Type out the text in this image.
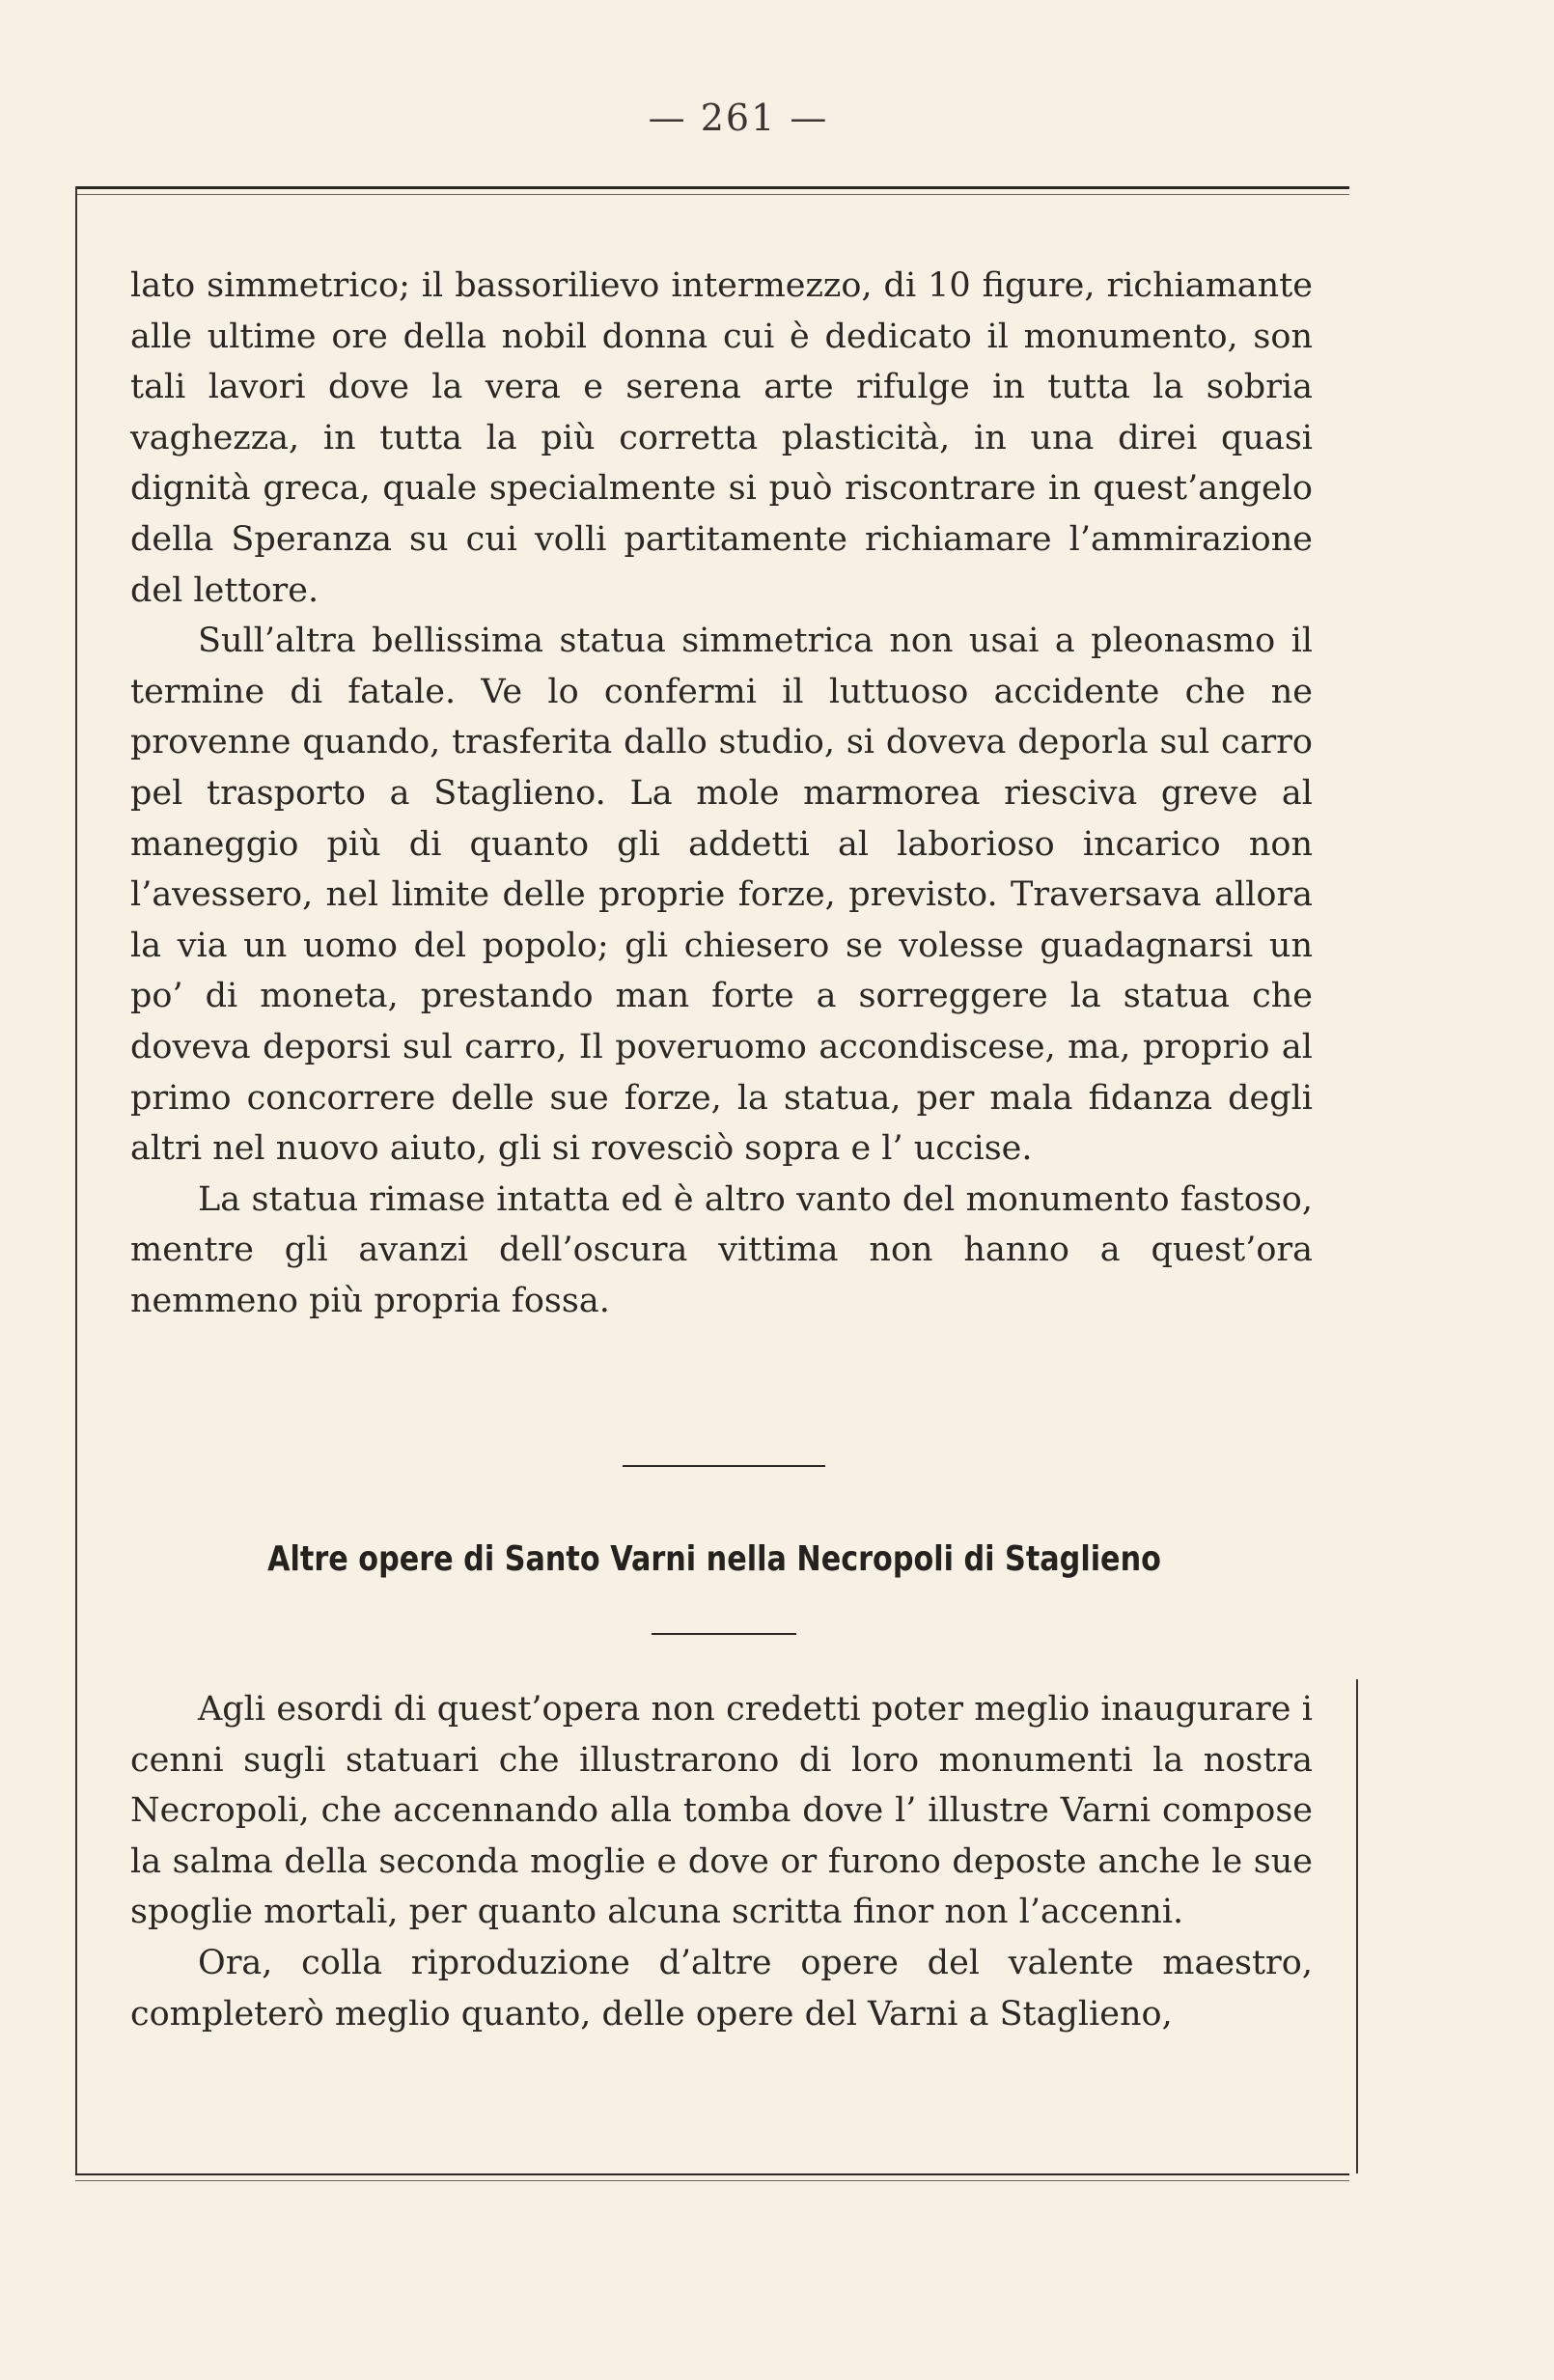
— 261 —

lato simmetrico; il bassorilievo intermezzo, di 10 figure, richiamante alle ultime ore della nobil donna cui è dedicato il monumento, son tali lavori dove la vera e serena arte rifulge in tutta la sobria vaghezza, in tutta la più corretta plasticità, in una direi quasi dignità greca, quale specialmente si può riscontrare in quest’angelo della Speranza su cui volli partitamente richiamare l’ammirazione del lettore.

Sull’altra bellissima statua simmetrica non usai a pleonasmo il termine di fatale. Ve lo confermi il luttuoso accidente che ne provenne quando, trasferita dallo studio, si doveva deporla sul carro pel trasporto a Staglieno. La mole marmorea riesciva greve al maneggio più di quanto gli addetti al laborioso incarico non l’avessero, nel limite delle proprie forze, previsto. Traversava allora la via un uomo del popolo; gli chiesero se volesse guadagnarsi un po’ di moneta, prestando man forte a sorreggere la statua che doveva deporsi sul carro, Il poveruomo accondiscese, ma, proprio al primo concorrere delle sue forze, la statua, per mala fidanza degli altri nel nuovo aiuto, gli si rovesciò sopra e l’ uccise.

La statua rimase intatta ed è altro vanto del monumento fastoso, mentre gli avanzi dell’oscura vittima non hanno a quest’ora nemmeno più propria fossa.

Altre opere di Santo Varni nella Necropoli di Staglieno

Agli esordi di quest’opera non credetti poter meglio inaugurare i cenni sugli statuari che illustrarono di loro monumenti la nostra Necropoli, che accennando alla tomba dove l’ illustre Varni compose la salma della seconda moglie e dove or furono deposte anche le sue spoglie mortali, per quanto alcuna scritta finor non l’accenni.

Ora, colla riproduzione d’altre opere del valente maestro, completerò meglio quanto, delle opere del Varni a Staglieno,
